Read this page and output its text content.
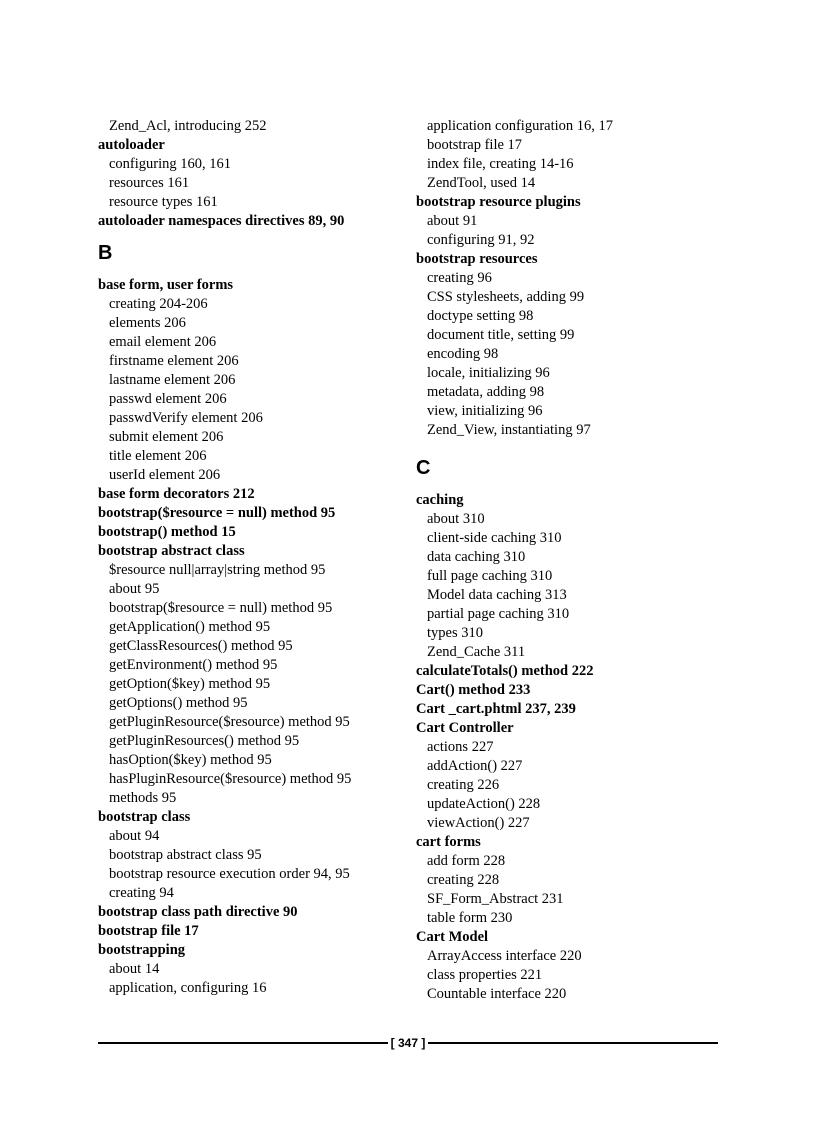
Zend_Acl, introducing 252
autoloader
configuring 160, 161
resources 161
resource types 161
autoloader namespaces directives 89, 90
B
base form, user forms
creating 204-206
elements 206
email element 206
firstname element 206
lastname element 206
passwd element 206
passwdVerify element 206
submit element 206
title element 206
userId element 206
base form decorators 212
bootstrap($resource = null) method 95
bootstrap() method 15
bootstrap abstract class
$resource null|array|string method 95
about 95
bootstrap($resource = null) method 95
getApplication() method 95
getClassResources() method 95
getEnvironment() method 95
getOption($key) method 95
getOptions() method 95
getPluginResource($resource) method 95
getPluginResources() method 95
hasOption($key) method 95
hasPluginResource($resource) method 95
methods 95
bootstrap class
about 94
bootstrap abstract class 95
bootstrap resource execution order 94, 95
creating 94
bootstrap class path directive 90
bootstrap file 17
bootstrapping
about 14
application, configuring 16
application configuration 16, 17
bootstrap file 17
index file, creating 14-16
ZendTool, used 14
bootstrap resource plugins
about 91
configuring 91, 92
bootstrap resources
creating 96
CSS stylesheets, adding 99
doctype setting 98
document title, setting 99
encoding 98
locale, initializing 96
metadata, adding 98
view, initializing 96
Zend_View, instantiating 97
C
caching
about 310
client-side caching 310
data caching 310
full page caching 310
Model data caching 313
partial page caching 310
types 310
Zend_Cache 311
calculateTotals() method 222
Cart() method 233
Cart _cart.phtml 237, 239
Cart Controller
actions 227
addAction() 227
creating 226
updateAction() 228
viewAction() 227
cart forms
add form 228
creating 228
SF_Form_Abstract 231
table form 230
Cart Model
ArrayAccess interface 220
class properties 221
Countable interface 220
[ 347 ]
